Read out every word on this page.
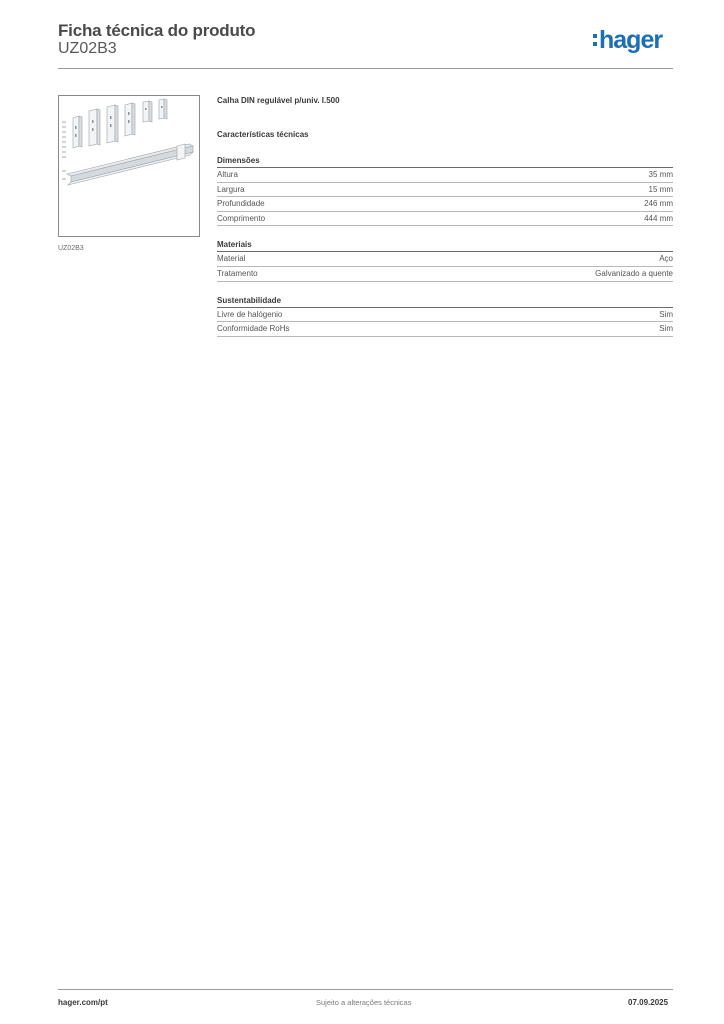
Ficha técnica do produto
UZ02B3	hager
UZ02B3
Calha DIN regulável p/univ. I.500
Características técnicas
Dimensões
Altura	35 mm
Largura	15 mm
Profundidade	246 mm
Comprimento	444 mm
Materiais
Material	Aço
Tratamento	Galvanizado a quente
Sustentabilidade
Livre de halógenio	Sim
Conformidade RoHs	Sim
hager.com/pt	Sujeito a alterações técnicas	07.09.2025
